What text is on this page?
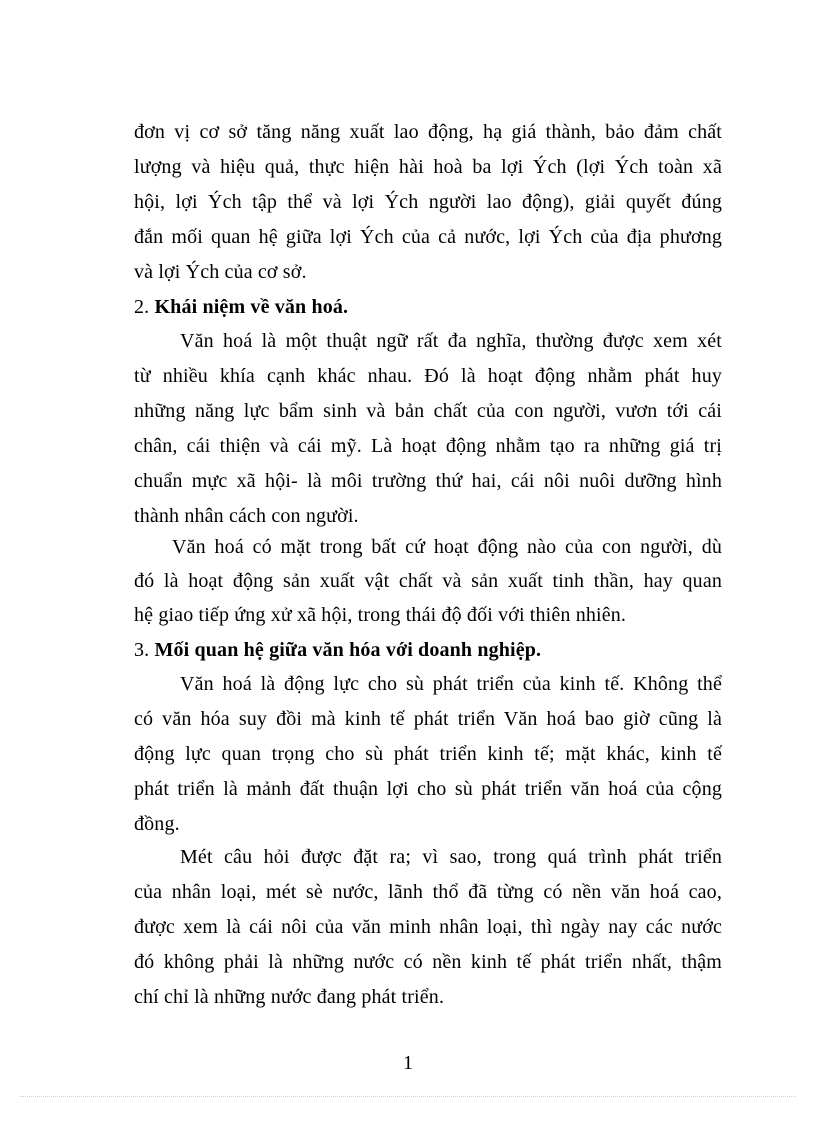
đơn vị cơ sở tăng năng xuất lao động, hạ giá thành, bảo đảm chất
lượng và hiệu quả, thực hiện hài hoà ba lợi Ých (lợi Ých toàn xã
hội, lợi Ých tập thể và lợi Ých người lao động), giải quyết đúng
đắn mối quan hệ giữa lợi Ých của cả nước, lợi Ých của địa phương
và lợi Ých của cơ sở.
2. Khái niệm về văn hoá.
Văn hoá là một thuật ngữ rất đa nghĩa, thường được xem xét
từ nhiều khía cạnh khác nhau. Đó là hoạt động nhằm phát huy
những năng lực bẩm sinh và bản chất của con người, vươn tới cái
chân, cái thiện và cái mỹ. Là hoạt động nhằm tạo ra những giá trị
chuẩn mực xã hội- là môi trường thứ hai, cái nôi nuôi dưỡng hình
thành nhân cách con người.
Văn hoá có mặt trong bất cứ hoạt động nào của con người, dù
đó là hoạt động sản xuất vật chất và sản xuất tinh thần, hay quan
hệ giao tiếp ứng xử xã hội, trong thái độ đối với thiên nhiên.
3. Mối quan hệ giữa văn hóa với doanh nghiệp.
Văn hoá là động lực cho sù phát triển của kinh tế. Không thể
có văn hóa suy đồi mà kinh tế phát triển Văn hoá bao giờ cũng là
động lực quan trọng cho sù phát triển kinh tế; mặt khác, kinh tế
phát triển là mảnh đất thuận lợi cho sù phát triển văn hoá của cộng
đồng.
Mét câu hỏi được đặt ra; vì sao, trong quá trình phát triển
của nhân loại, mét sè nước, lãnh thổ đã từng có nền văn hoá cao,
được xem là cái nôi của văn minh nhân loại, thì ngày nay các nước
đó không phải là những nước có nền kinh tế phát triển nhất, thậm
chí chỉ là những nước đang phát triển.
1
